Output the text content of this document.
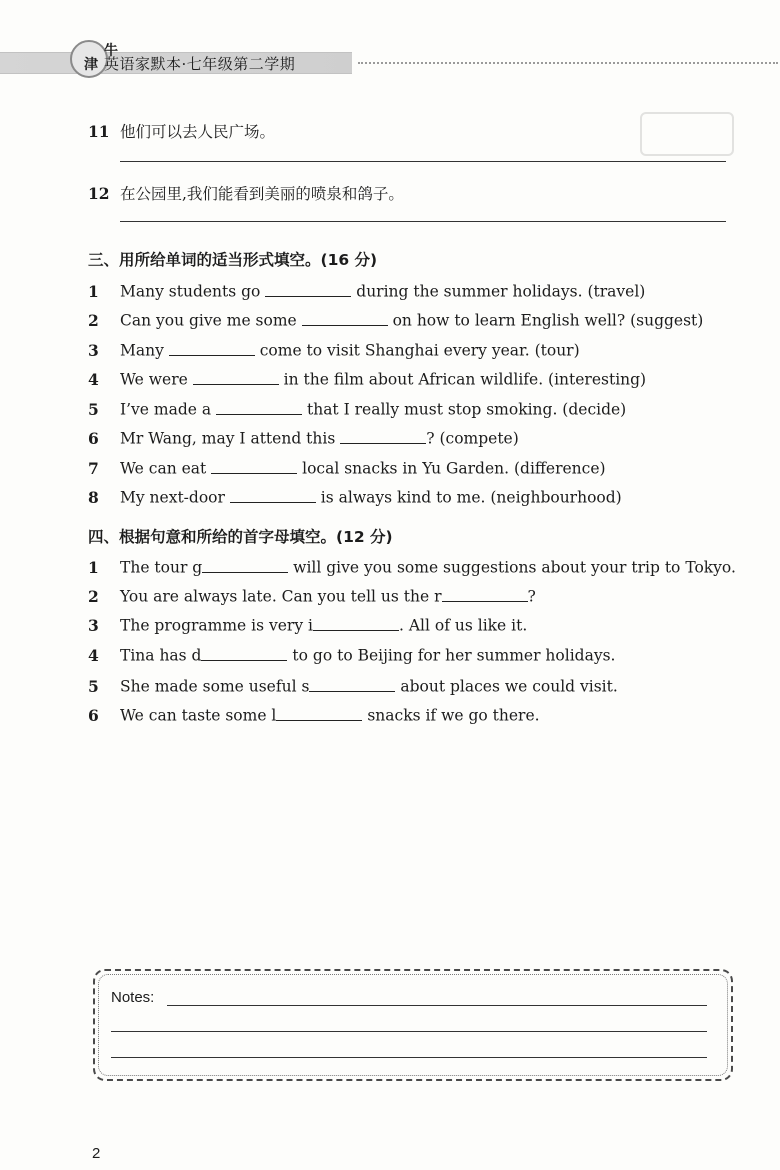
牛
津 英语家默本·七年级第二学期
11 他们可以去人民广场。
12 在公园里,我们能看到美丽的喷泉和鸽子。
三、用所给单词的适当形式填空。(16 分)
1 Many students go	during the summer holidays. (travel)
2 Can you give me some	on how to learn English well? (suggest)
3 Many	come to visit Shanghai every year. (tour)
4 We were	in the film about African wildlife. (interesting)
5 I’ve made a	that I really must stop smoking. (decide)
6 Mr Wang, may I attend this	? (compete)
7 We can eat	local snacks in Yu Garden. (difference)
8 My next-door	is always kind to me. (neighbourhood)
四、根据句意和所给的首字母填空。(12 分)
1 The tour g	will give you some suggestions about your trip to Tokyo.
2 You are always late. Can you tell us the r	?
3 The programme is very i	. All of us like it.
4 Tina has d	to go to Beijing for her summer holidays.
5 She made some useful s	about places we could visit.
6 We can taste some l	snacks if we go there.
Notes:
2
